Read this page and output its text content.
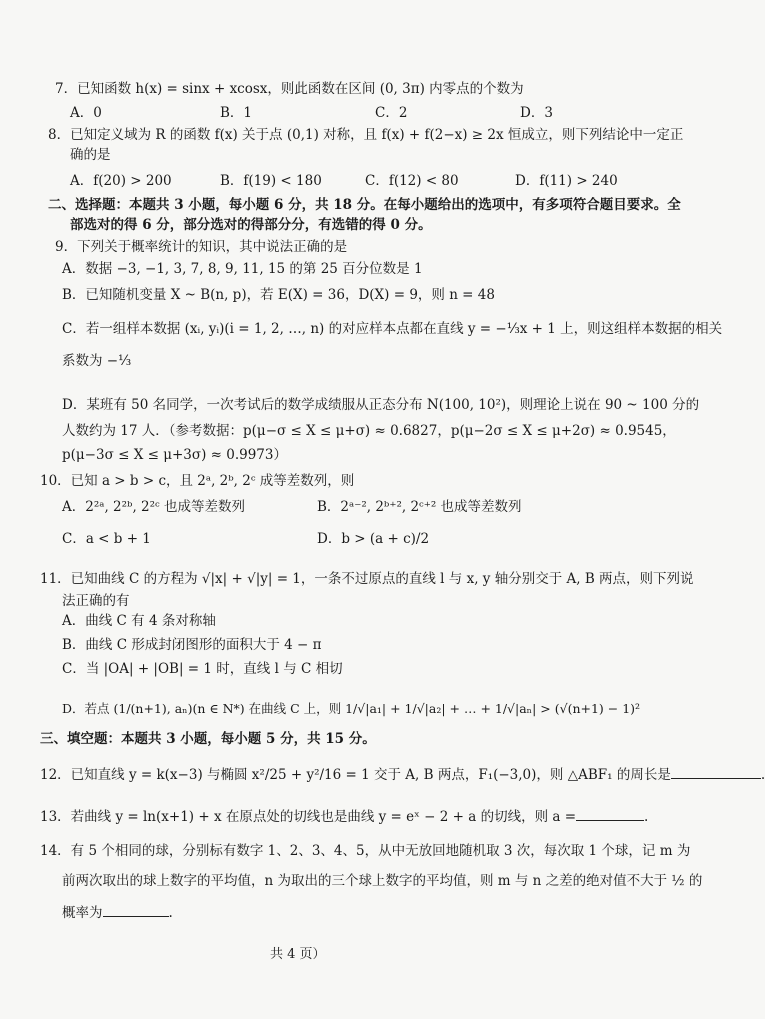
7．已知函数 h(x) = sinx + xcosx，则此函数在区间 (0, 3π) 内零点的个数为
A．0	B．1	C．2	D．3
8．已知定义域为 R 的函数 f(x) 关于点 (0,1) 对称，且 f(x) + f(2−x) ≥ 2x 恒成立，则下列结论中一定正
确的是
A．f(20) > 200	B．f(19) < 180	C．f(12) < 80	D．f(11) > 240
二、选择题：本题共 3 小题，每小题 6 分，共 18 分。在每小题给出的选项中，有多项符合题目要求。全
部选对的得 6 分，部分选对的得部分分，有选错的得 0 分。
9．下列关于概率统计的知识，其中说法正确的是
A．数据 −3, −1, 3, 7, 8, 9, 11, 15 的第 25 百分位数是 1
B．已知随机变量 X ~ B(n, p)，若 E(X) = 36，D(X) = 9，则 n = 48
C．若一组样本数据 (xᵢ, yᵢ)(i = 1, 2, …, n) 的对应样本点都在直线 y = −⅓x + 1 上，则这组样本数据的相关
系数为 −⅓
D．某班有 50 名同学，一次考试后的数学成绩服从正态分布 N(100, 10²)，则理论上说在 90 ~ 100 分的
人数约为 17 人．（参考数据：p(μ−σ ≤ X ≤ μ+σ) ≈ 0.6827，p(μ−2σ ≤ X ≤ μ+2σ) ≈ 0.9545，
p(μ−3σ ≤ X ≤ μ+3σ) ≈ 0.9973）
10．已知 a > b > c，且 2ᵃ, 2ᵇ, 2ᶜ 成等差数列，则
A．2²ᵃ, 2²ᵇ, 2²ᶜ 也成等差数列	B．2ᵃ⁻², 2ᵇ⁺², 2ᶜ⁺² 也成等差数列
C．a < b + 1	D．b > (a + c)/2
11．已知曲线 C 的方程为 √|x| + √|y| = 1，一条不过原点的直线 l 与 x, y 轴分别交于 A, B 两点，则下列说
法正确的有
A．曲线 C 有 4 条对称轴
B．曲线 C 形成封闭图形的面积大于 4 − π
C．当 |OA| + |OB| = 1 时，直线 l 与 C 相切
D．若点 (1/(n+1), aₙ)(n ∈ N*) 在曲线 C 上，则 1/√|a₁| + 1/√|a₂| + … + 1/√|aₙ| > (√(n+1) − 1)²
三、填空题：本题共 3 小题，每小题 5 分，共 15 分。
12．已知直线 y = k(x−3) 与椭圆 x²/25 + y²/16 = 1 交于 A, B 两点，F₁(−3,0)，则 △ABF₁ 的周长是	.
13．若曲线 y = ln(x+1) + x 在原点处的切线也是曲线 y = eˣ − 2 + a 的切线，则 a =	.
14．有 5 个相同的球，分别标有数字 1、2、3、4、5，从中无放回地随机取 3 次，每次取 1 个球，记 m 为
前两次取出的球上数字的平均值，n 为取出的三个球上数字的平均值，则 m 与 n 之差的绝对值不大于 ½ 的
概率为	.
共 4 页）
